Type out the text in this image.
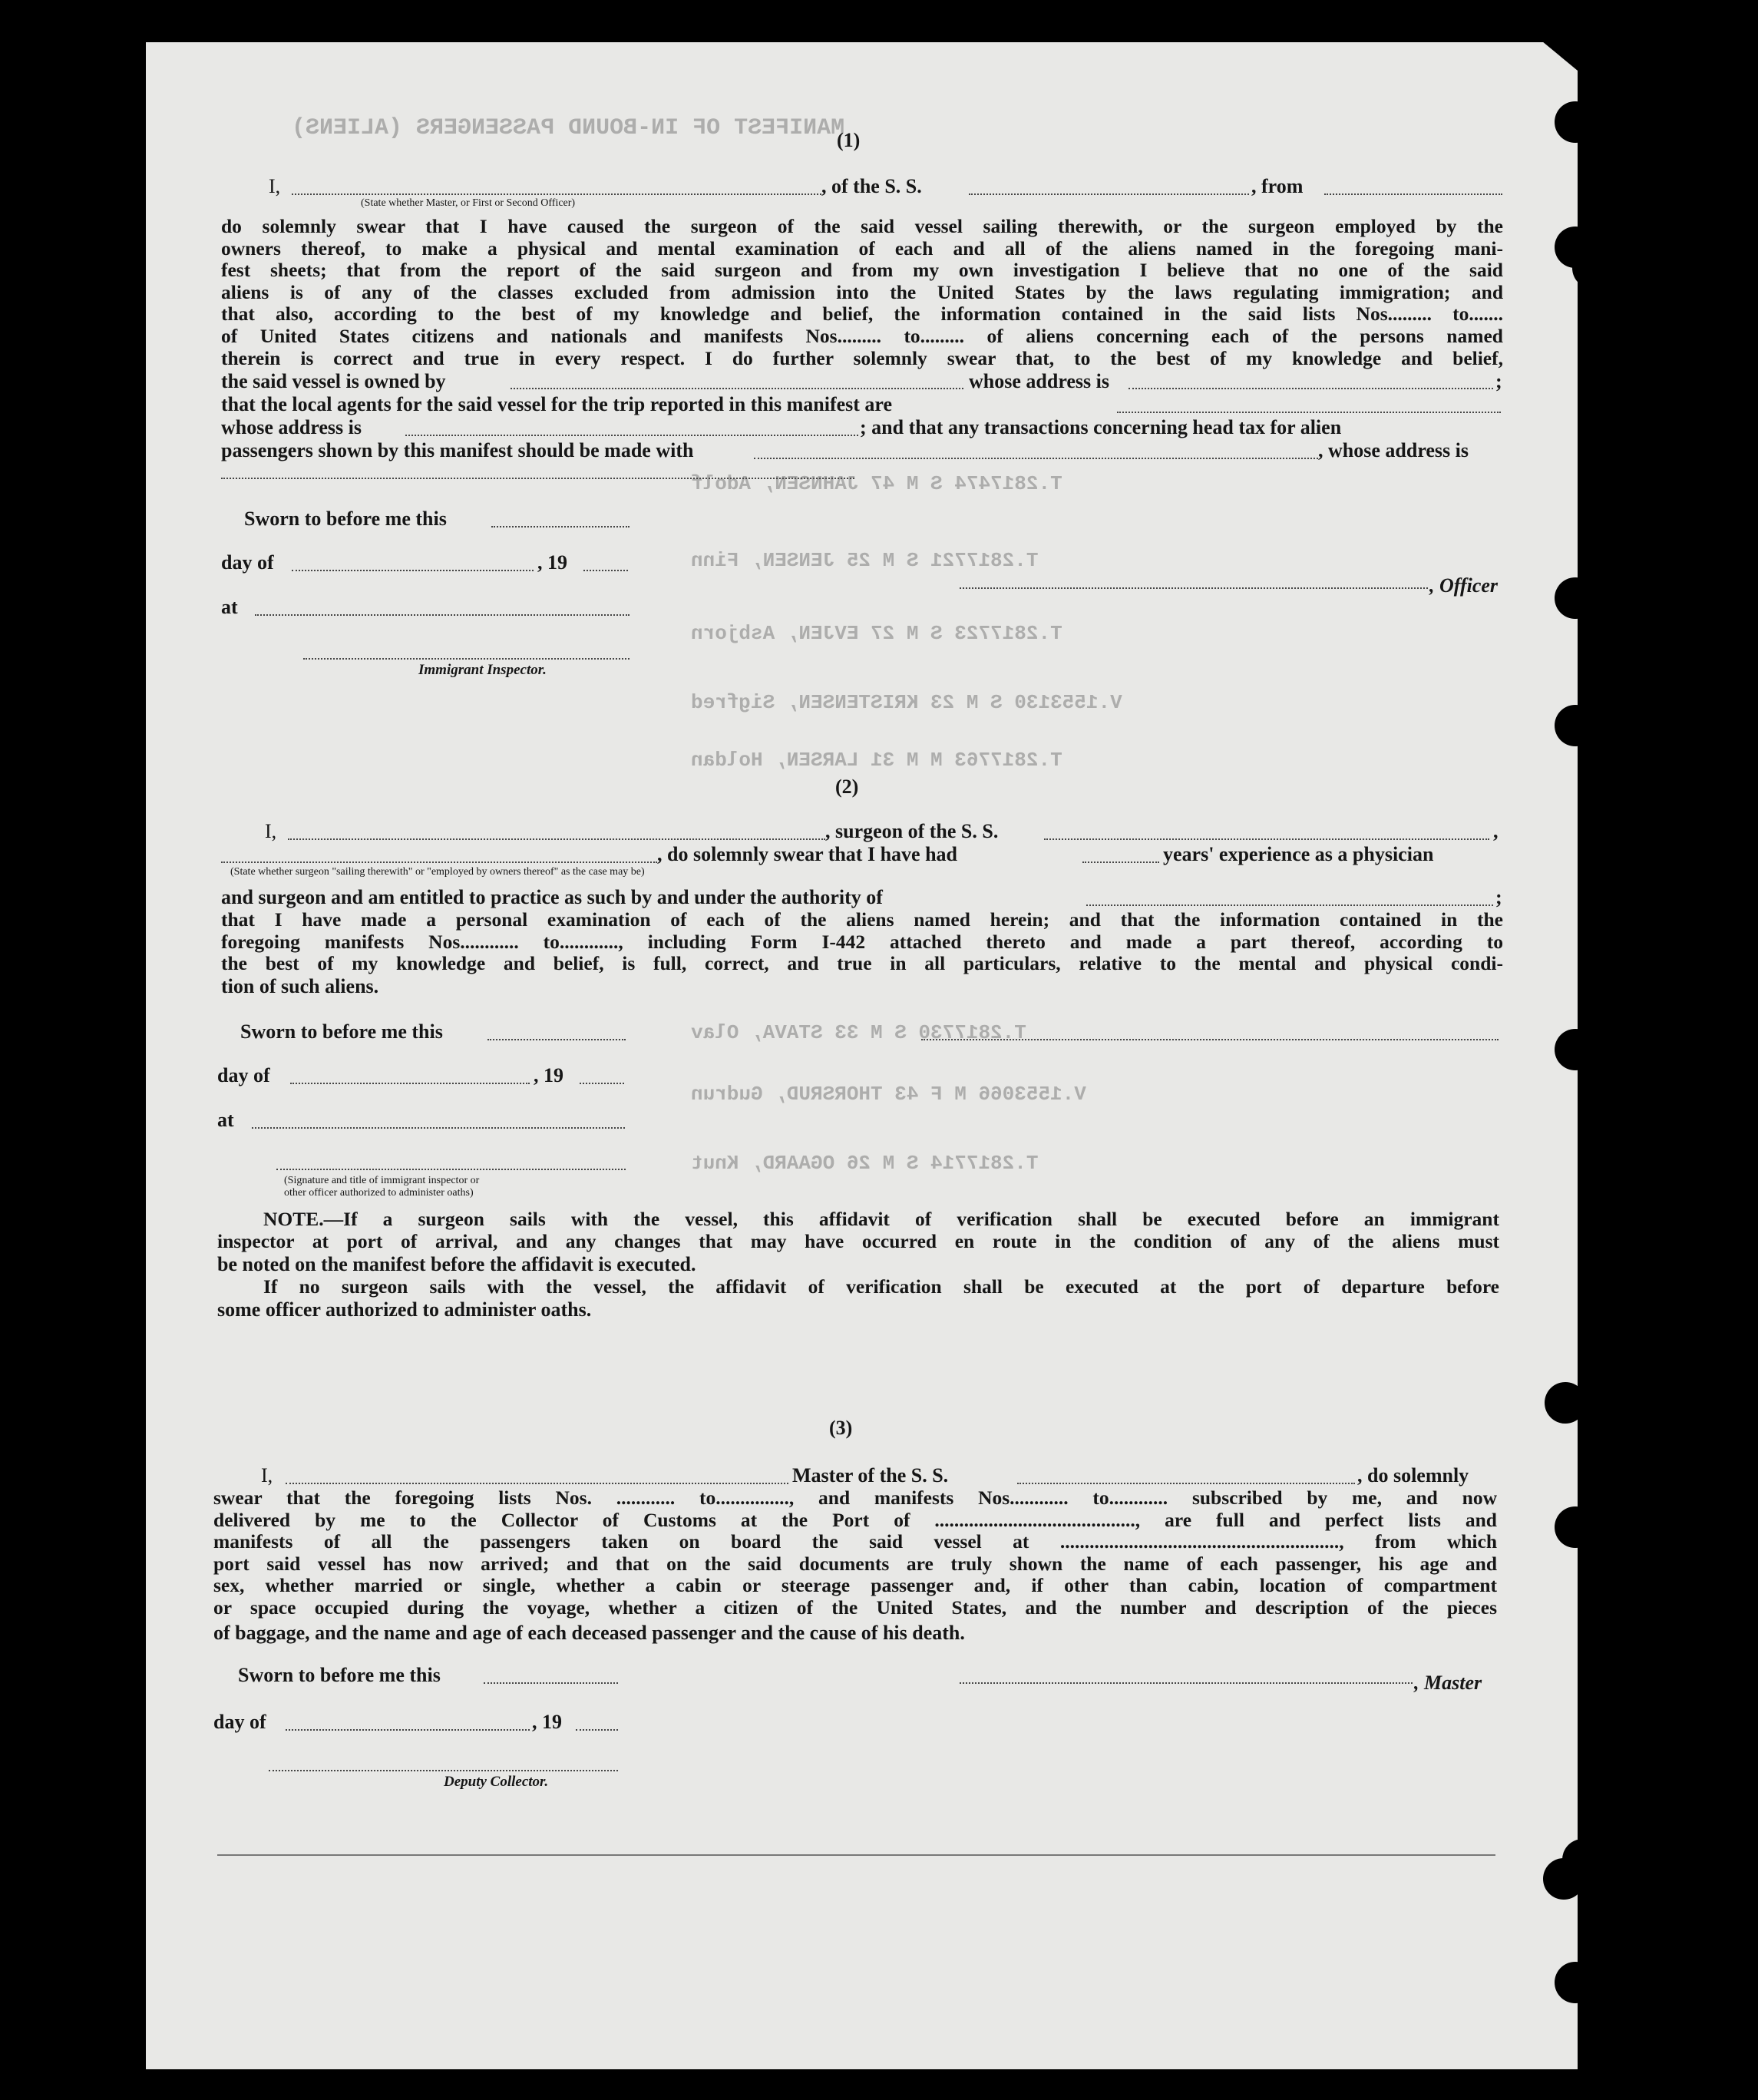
MANIFEST OF IN-BOUND PASSENGERS (ALIENS)
T.2817474 S M 47 JAHNSEN, Adolf
T.2817721 S M 25 JENSEN, Finn
T.2817723 S M 27 EVJEN, Asbjorn
V.1553130 S M 23 KRISTENSEN, Sigfred
T.2817763 M M 31 LARSEN, Holdan
T.2817730 S M 33 STAVA, Olav
V.1553066 M F 43 THORSRUD, Gudrun
T.2817714 S M 26 OGAARD, Knut
(1)
I,	, of the S. S.	, from
(State whether Master, or First or Second Officer)
do solemnly swear that I have caused the surgeon of the said vessel sailing therewith, or the surgeon employed by the
owners thereof, to make a physical and mental examination of each and all of the aliens named in the foregoing mani-
fest sheets; that from the report of the said surgeon and from my own investigation I believe that no one of the said
aliens is of any of the classes excluded from admission into the United States by the laws regulating immigration; and
that also, according to the best of my knowledge and belief, the information contained in the said lists Nos......... to.......
of United States citizens and nationals and manifests Nos......... to......... of aliens concerning each of the persons named
therein is correct and true in every respect. I do further solemnly swear that, to the best of my knowledge and belief,
the said vessel is owned by	whose address is	;
that the local agents for the said vessel for the trip reported in this manifest are
whose address is	; and that any transactions concerning head tax for alien
passengers shown by this manifest should be made with	, whose address is
Sworn to before me this
day of	, 19
, Officer
at
Immigrant Inspector.
(2)
I,	, surgeon of the S. S.	,
, do solemnly swear that I have had	years' experience as a physician
(State whether surgeon "sailing therewith" or "employed by owners thereof" as the case may be)
and surgeon and am entitled to practice as such by and under the authority of	;
that I have made a personal examination of each of the aliens named herein; and that the information contained in the
foregoing manifests Nos............ to............, including Form I-442 attached thereto and made a part thereof, according to
the best of my knowledge and belief, is full, correct, and true in all particulars, relative to the mental and physical condi-
tion of such aliens.
Sworn to before me this
day of	, 19
at
(Signature and title of immigrant inspector or
other officer authorized to administer oaths)
NOTE.—If a surgeon sails with the vessel, this affidavit of verification shall be executed before an immigrant
inspector at port of arrival, and any changes that may have occurred en route in the condition of any of the aliens must
be noted on the manifest before the affidavit is executed.
If no surgeon sails with the vessel, the affidavit of verification shall be executed at the port of departure before
some officer authorized to administer oaths.
(3)
I,	Master of the S. S.	, do solemnly
swear that the foregoing lists Nos. ............ to..............., and manifests Nos............ to............ subscribed by me, and now
delivered by me to the Collector of Customs at the Port of ........................................., are full and perfect lists and
manifests of all the passengers taken on board the said vessel at ........................................................., from which
port said vessel has now arrived; and that on the said documents are truly shown the name of each passenger, his age and
sex, whether married or single, whether a cabin or steerage passenger and, if other than cabin, location of compartment
or space occupied during the voyage, whether a citizen of the United States, and the number and description of the pieces
of baggage, and the name and age of each deceased passenger and the cause of his death.
Sworn to before me this	, Master
day of	, 19
Deputy Collector.
